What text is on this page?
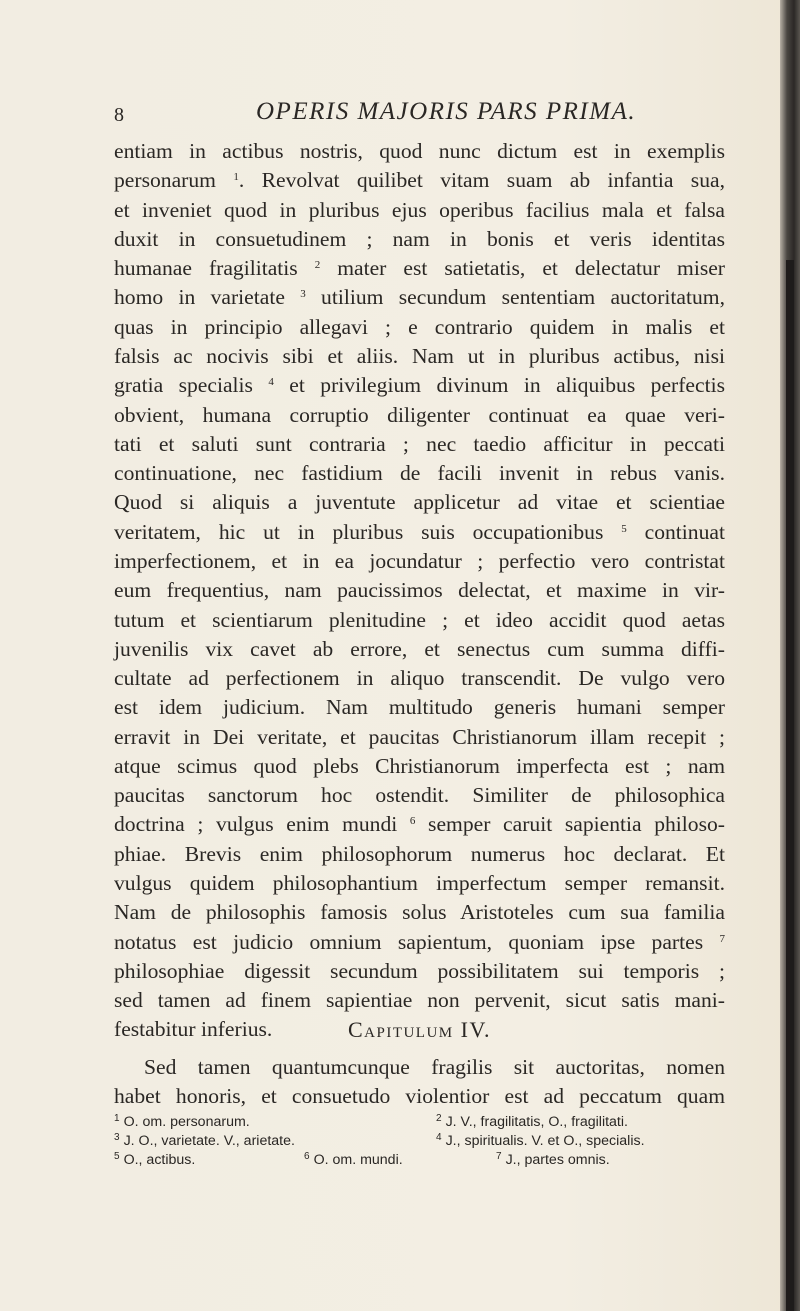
8	OPERIS MAJORIS PARS PRIMA.
entiam in actibus nostris, quod nunc dictum est in exemplis
personarum $^1$. Revolvat quilibet vitam suam ab infantia sua,
et inveniet quod in pluribus ejus operibus facilius mala et falsa
duxit in consuetudinem ; nam in bonis et veris identitas
humanae fragilitatis $^2$ mater est satietatis, et delectatur miser
homo in varietate $^3$ utilium secundum sententiam auctoritatum,
quas in principio allegavi ; e contrario quidem in malis et
falsis ac nocivis sibi et aliis. Nam ut in pluribus actibus, nisi
gratia specialis $^4$ et privilegium divinum in aliquibus perfectis
obvient, humana corruptio diligenter continuat ea quae veri-
tati et saluti sunt contraria ; nec taedio afficitur in peccati
continuatione, nec fastidium de facili invenit in rebus vanis.
Quod si aliquis a juventute applicetur ad vitae et scientiae
veritatem, hic ut in pluribus suis occupationibus $^5$ continuat
imperfectionem, et in ea jocundatur ; perfectio vero contristat
eum frequentius, nam paucissimos delectat, et maxime in vir-
tutum et scientiarum plenitudine ; et ideo accidit quod aetas
juvenilis vix cavet ab errore, et senectus cum summa diffi-
cultate ad perfectionem in aliquo transcendit. De vulgo vero
est idem judicium. Nam multitudo generis humani semper
erravit in Dei veritate, et paucitas Christianorum illam recepit ;
atque scimus quod plebs Christianorum imperfecta est ; nam
paucitas sanctorum hoc ostendit. Similiter de philosophica
doctrina ; vulgus enim mundi $^6$ semper caruit sapientia philoso-
phiae. Brevis enim philosophorum numerus hoc declarat. Et
vulgus quidem philosophantium imperfectum semper remansit.
Nam de philosophis famosis solus Aristoteles cum sua familia
notatus est judicio omnium sapientum, quoniam ipse partes $^7$
philosophiae digessit secundum possibilitatem sui temporis ;
sed tamen ad finem sapientiae non pervenit, sicut satis mani-
festabitur inferius.	Capitulum IV.
Sed tamen quantumcunque fragilis sit auctoritas, nomen
habet honoris, et consuetudo violentior est ad peccatum quam
$^1$ O. om. personarum.	$^2$ J. V., fragilitatis, O., fragilitati.
$^3$ J. O., varietate. V., arietate.	$^4$ J., spiritualis. V. et O., specialis.
$^5$ O., actibus.	$^6$ O. om. mundi.	$^7$ J., partes omnis.
